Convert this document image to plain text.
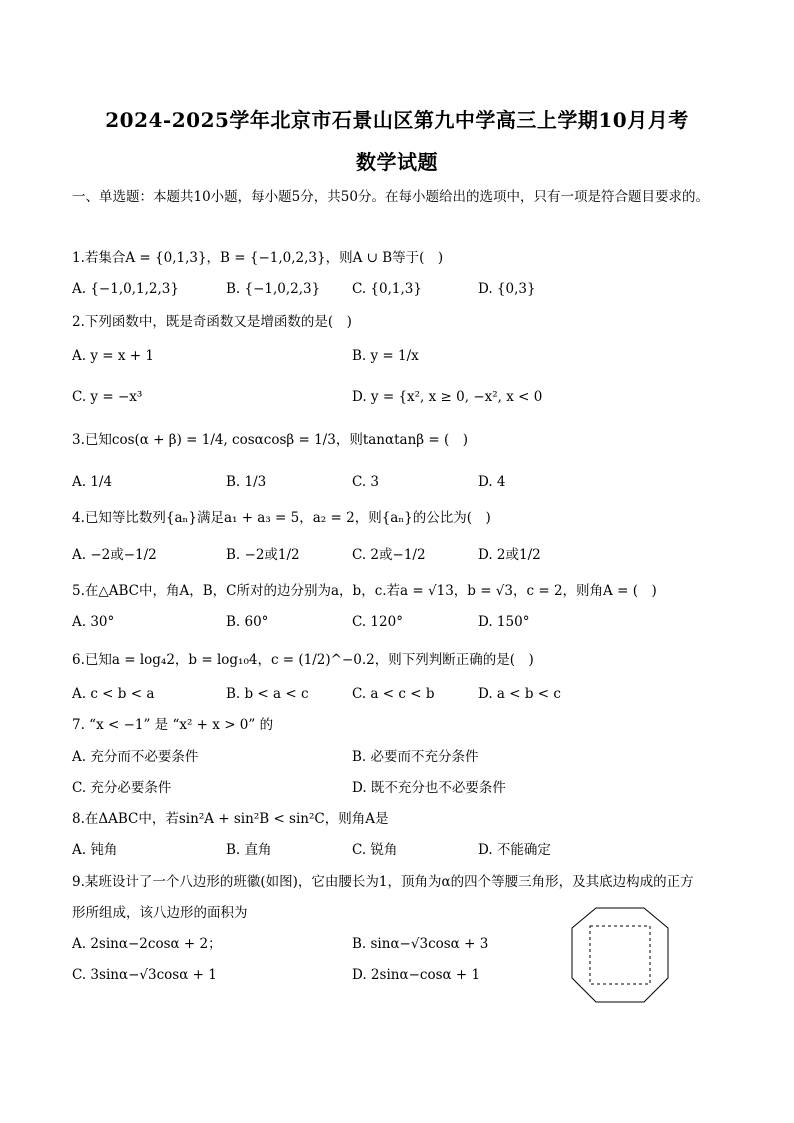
2024-2025学年北京市石景山区第九中学高三上学期10月月考
数学试题
一、单选题：本题共10小题，每小题5分，共50分。在每小题给出的选项中，只有一项是符合题目要求的。
1.若集合A = {0,1,3}，B = {−1,0,2,3}，则A ∪ B等于(　)
A. {−1,0,1,2,3}	B. {−1,0,2,3} C. {0,1,3}	D. {0,3}
2.下列函数中，既是奇函数又是增函数的是(　)
A. y = x + 1	B. y = 1/x
C. y = −x³	D. y = {x², x ≥ 0, −x², x < 0
3.已知cos(α + β) = 1/4, cosαcosβ = 1/3，则tanαtanβ = (　)
A. 1/4	B. 1/3	C. 3	D. 4
4.已知等比数列{aₙ}满足a₁ + a₃ = 5，a₂ = 2，则{aₙ}的公比为(　)
A. −2或−1/2	B. −2或1/2	C. 2或−1/2	D. 2或1/2
5.在△ABC中，角A，B，C所对的边分别为a，b，c.若a = √13，b = √3，c = 2，则角A = (　)
A. 30°	B. 60°	C. 120°	D. 150°
6.已知a = log₄2，b = log₁₀4，c = (1/2)^−0.2，则下列判断正确的是(　)
A. c < b < a	B. b < a < c	C. a < c < b	D. a < b < c
7. “x < −1” 是 “x² + x > 0” 的
A. 充分而不必要条件	B. 必要而不充分条件
C. 充分必要条件	D. 既不充分也不必要条件
8.在ΔABC中，若sin²A + sin²B < sin²C，则角A是
A. 钝角	B. 直角	C. 锐角	D. 不能确定
9.某班设计了一个八边形的班徽(如图)，它由腰长为1，顶角为α的四个等腰三角形，及其底边构成的正方
形所组成，该八边形的面积为
A. 2sinα−2cosα + 2；	B. sinα−√3cosα + 3
C. 3sinα−√3cosα + 1	D. 2sinα−cosα + 1
